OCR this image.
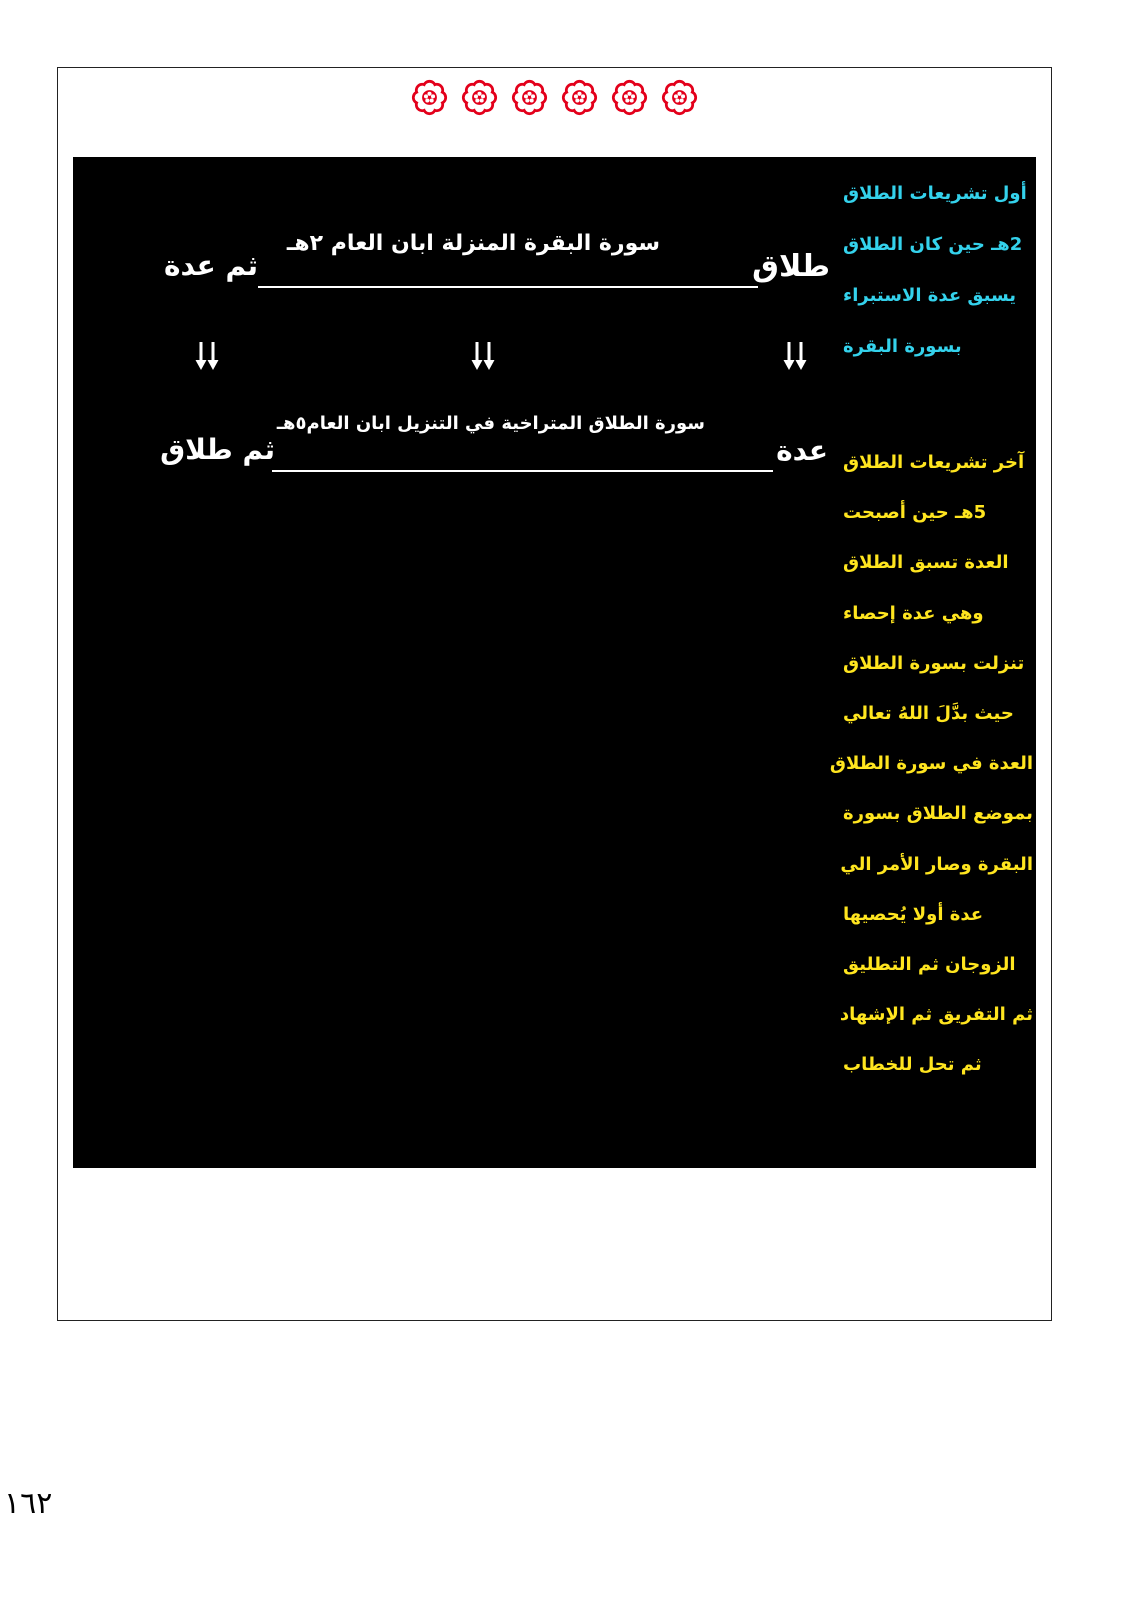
طلاق
سورة البقرة المنزلة ابان العام ٢هـ
ثم عدة
عدة
سورة الطلاق المتراخية في التنزيل ابان العام٥هـ
ثم طلاق
أول تشريعات الطلاق
2هـ حين كان الطلاق
يسبق عدة الاستبراء
بسورة البقرة
آخر تشريعات الطلاق
5هـ حين أصبحت
العدة تسبق الطلاق
وهي عدة إحصاء
تنزلت بسورة الطلاق
حيث بدَّلَ اللهُ تعالي
العدة في سورة الطلاق
بموضع الطلاق بسورة
البقرة وصار الأمر الي
عدة أولا يُحصيها
الزوجان ثم التطليق
ثم التفريق ثم الإشهاد
ثم تحل للخطاب
١٦٢
